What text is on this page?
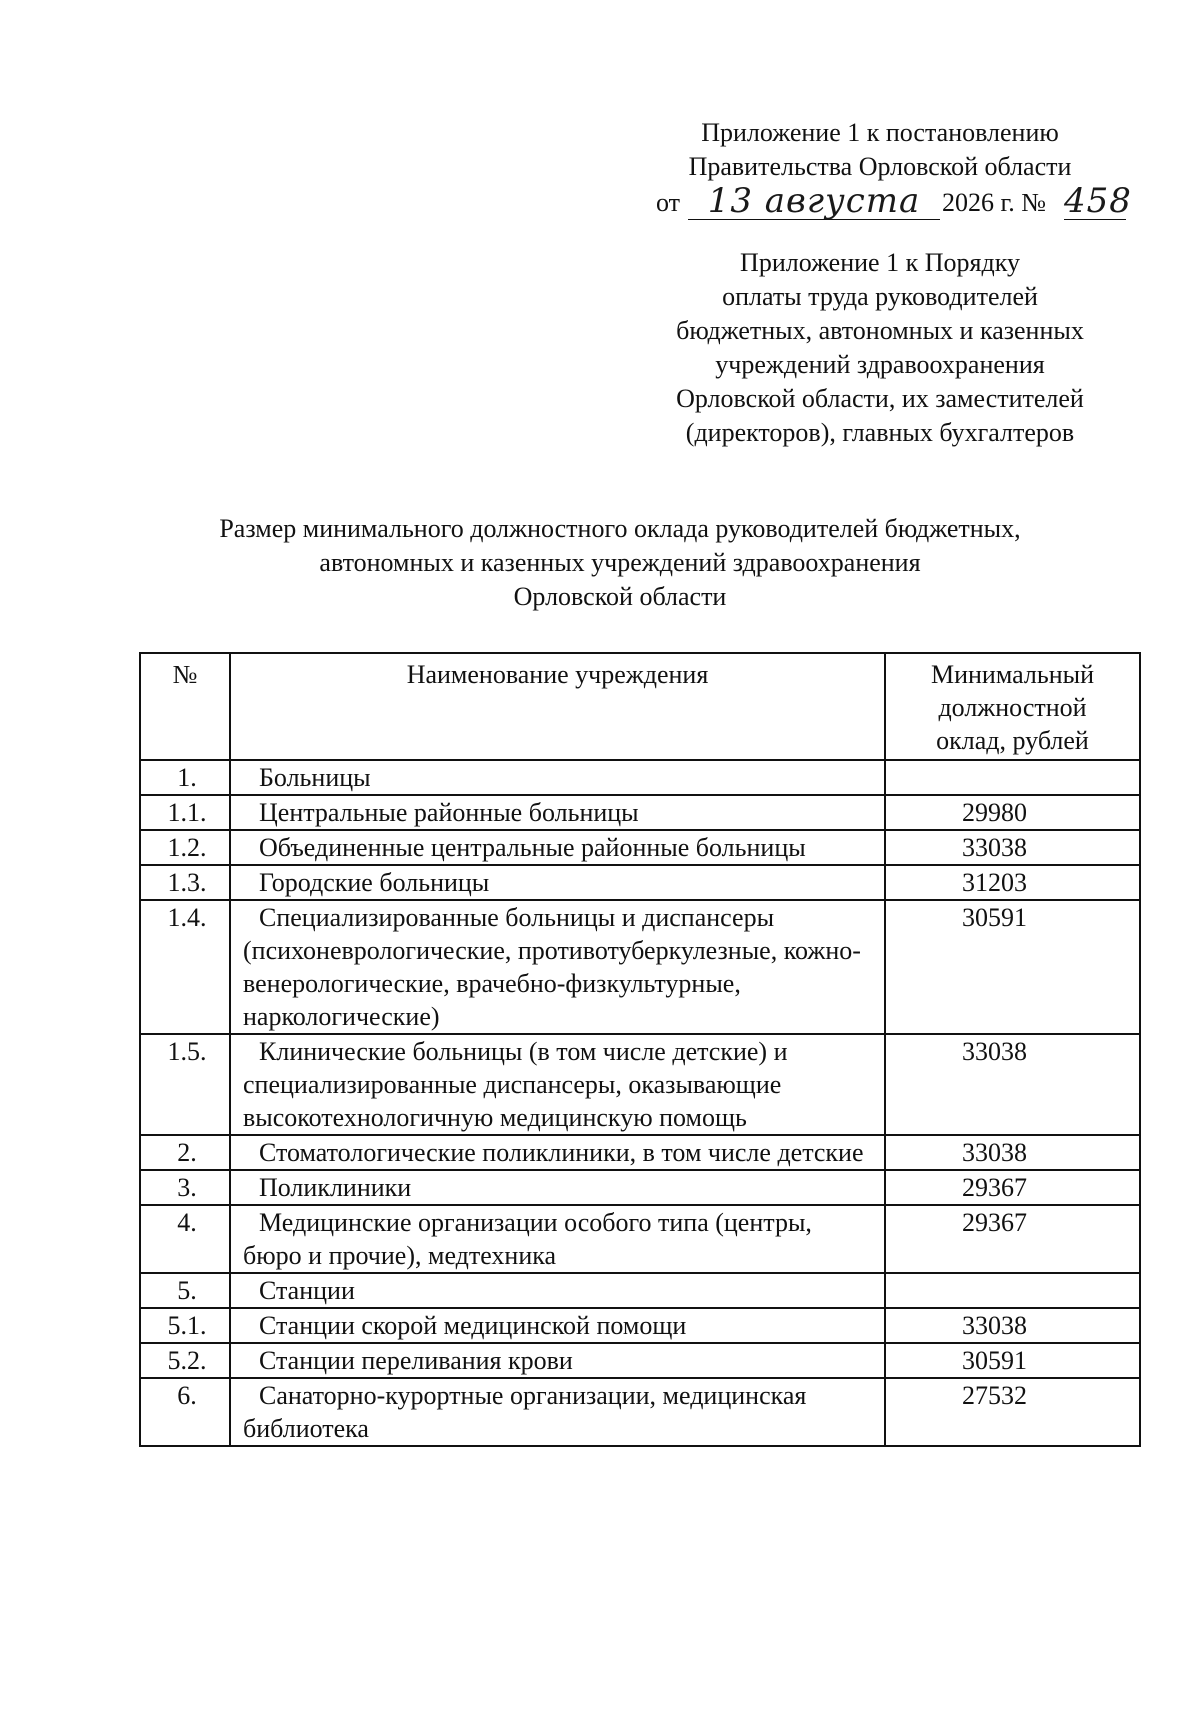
Приложение 1 к постановлению
Правительства Орловской области
от 13 августа 2026 г. № 458
Приложение 1 к Порядку
оплаты труда руководителей
бюджетных, автономных и казенных
учреждений здравоохранения
Орловской области, их заместителей
(директоров), главных бухгалтеров
Размер минимального должностного оклада руководителей бюджетных,
автономных и казенных учреждений здравоохранения
Орловской области
№	Наименование учреждения	Минимальный должностной оклад, рублей
1.	Больницы	
1.1.	Центральные районные больницы	29980
1.2.	Объединенные центральные районные больницы	33038
1.3.	Городские больницы	31203
1.4.	Специализированные больницы и диспансеры (психоневрологические, противотуберкулезные, кожно-венерологические, врачебно-физкультурные, наркологические)	30591
1.5.	Клинические больницы (в том числе детские) и специализированные диспансеры, оказывающие высокотехнологичную медицинскую помощь	33038
2.	Стоматологические поликлиники, в том числе детские	33038
3.	Поликлиники	29367
4.	Медицинские организации особого типа (центры, бюро и прочие), медтехника	29367
5.	Станции	
5.1.	Станции скорой медицинской помощи	33038
5.2.	Станции переливания крови	30591
6.	Санаторно-курортные организации, медицинская библиотека	27532
